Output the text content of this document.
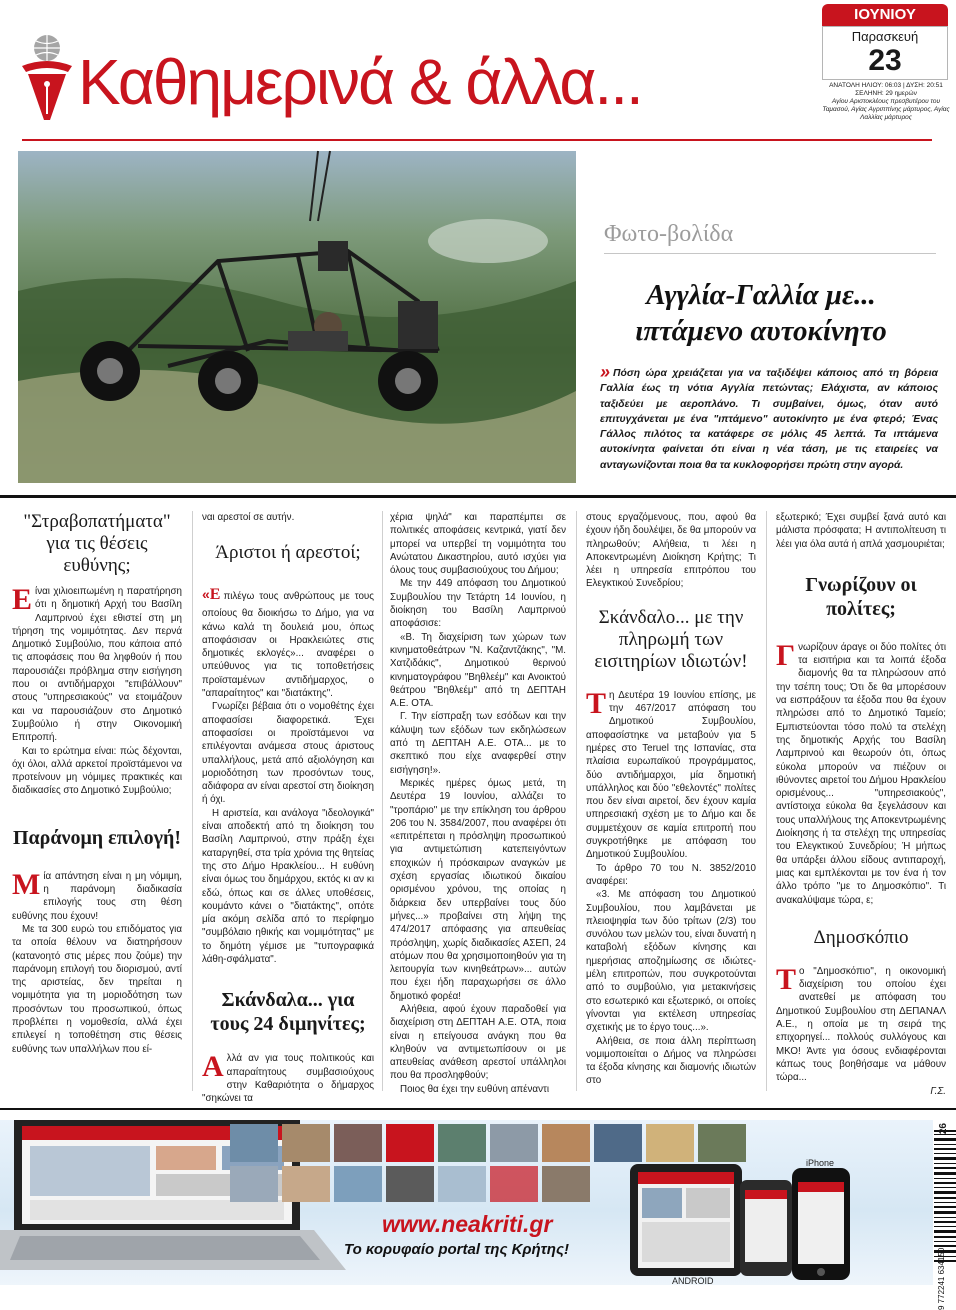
Καθημερινά & άλλα...
ΙΟΥΝΙΟΥ
Παρασκευή
23
ΑΝΑΤΟΛΗ ΗΛΙΟΥ: 06:03 | ΔΥΣΗ: 20:51
ΣΕΛΗΝΗ: 29 ημερών
Αγίου Αριστοκλέους πρεσβυτέρου του Ταμασού, Αγίας Αγριππίνης μάρτυρος, Αγίας Λαλλίας μάρτυρος
Φωτο-βολίδα
Αγγλία-Γαλλία με...
ιπτάμενο αυτοκίνητο
» Πόση ώρα χρειάζεται για να ταξιδέψει κάποιος από τη βόρεια Γαλλία έως τη νότια Αγγλία πετώντας; Ελάχιστα, αν κάποιος ταξιδεύει με αεροπλάνο. Τι συμβαίνει, όμως, όταν αυτό επιτυγχάνεται με ένα "ιπτάμενο" αυτοκίνητο με ένα φτερό; Ένας Γάλλος πιλότος τα κατάφερε σε μόλις 45 λεπτά. Τα ιπτάμενα αυτοκίνητα φαίνεται ότι είναι η νέα τάση, με τις εταιρείες να ανταγωνίζονται ποια θα τα κυκλοφορήσει πρώτη στην αγορά.
"Στραβοπατήματα" για τις θέσεις ευθύνης;

Είναι χιλιοειπωμένη η παρατήρηση ότι η δημοτική Αρχή του Βασίλη Λαμπρινού έχει εθιστεί στη μη τήρηση της νομιμότητας. Δεν περνά Δημοτικό Συμβούλιο, που κάποια από τις αποφάσεις που θα ληφθούν ή που παρουσιάζει πρόβλημα στην εισήγηση που οι αντιδήμαρχοι "επιβάλλουν" στους "υπηρεσιακούς" να ετοιμάζουν και να παρουσιάζουν στο Δημοτικό Συμβούλιο ή στην Οικονομική Επιτροπή.

Και το ερώτημα είναι: πώς δέχονται, όχι όλοι, αλλά αρκετοί προϊστάμενοι να προτείνουν μη νόμιμες πρακτικές και διαδικασίες στο Δημοτικό Συμβούλιο;

Παράνομη επιλογή!

Μία απάντηση είναι η μη νόμιμη, η παράνομη διαδικασία επιλογής τους στη θέση ευθύνης που έχουν!

Με τα 300 ευρώ του επιδόματος για τα οποία θέλουν να διατηρήσουν (κατανοητό στις μέρες που ζούμε) την παράνομη επιλογή του διορισμού, αντί της αριστείας, δεν τηρείται η νομιμότητα για τη μοριοδότηση των προσόντων του προσωπικού, όπως προβλέπει η νομοθεσία, αλλά έχει επιλεγεί η τοποθέτηση στις θέσεις ευθύνης των υπαλλήλων που εί-

ναι αρεστοί σε αυτήν.

Άριστοι ή αρεστοί;

«Ε πιλέγω τους ανθρώπους με τους οποίους θα διοικήσω το Δήμο, για να κάνω καλά τη δουλειά μου, όπως αποφάσισαν οι Ηρακλειώτες στις δημοτικές εκλογές»... αναφέρει ο υπεύθυνος για τις τοποθετήσεις προϊσταμένων αντιδήμαρχος, ο "απαραίτητος" και "διατάκτης".

Γνωρίζει βέβαια ότι ο νομοθέτης έχει αποφασίσει διαφορετικά. Έχει αποφασίσει οι προϊστάμενοι να επιλέγονται ανάμεσα στους άριστους υπαλλήλους, μετά από αξιολόγηση και μοριοδότηση των προσόντων τους, αδιάφορα αν είναι αρεστοί στη διοίκηση ή όχι.

Η αριστεία, και ανάλογα "ιδεολογικά" είναι αποδεκτή από τη διοίκηση του Βασίλη Λαμπρινού, στην πράξη έχει καταργηθεί, στα τρία χρόνια της θητείας της στο Δήμο Ηρακλείου... Η ευθύνη είναι όμως του δημάρχου, εκτός κι αν κι εδώ, όπως και σε άλλες υποθέσεις, κουμάντο κάνει ο "διατάκτης", οπότε μία ακόμη σελίδα από το περίφημο "συμβόλαιο ηθικής και νομιμότητας" με το δημότη γέμισε με "τυπογραφικά λάθη-σφάλματα".

Σκάνδαλα... για τους 24 διμηνίτες;

Αλλά αν για τους πολιτικούς και απαραίτητους συμβασιούχους στην Καθαριότητα ο δήμαρχος "σηκώνει τα

χέρια ψηλά" και παραπέμπει σε πολιτικές αποφάσεις κεντρικά, γιατί δεν μπορεί να υπερβεί τη νομιμότητα του Ανώτατου Δικαστηρίου, αυτό ισχύει για όλους τους συμβασιούχους του Δήμου;

Με την 449 απόφαση του Δημοτικού Συμβουλίου την Τετάρτη 14 Ιουνίου, η διοίκηση του Βασίλη Λαμπρινού αποφάσισε:

«Β. Τη διαχείριση των χώρων των κινηματοθεάτρων "Ν. Καζαντζάκης", "Μ. Χατζιδάκις", Δημοτικού θερινού κινηματογράφου "Βηθλεέμ" και Ανοικτού θεάτρου "Βηθλεέμ" από τη ΔΕΠΤΑΗ Α.Ε. ΟΤΑ.

Γ. Την είσπραξη των εσόδων και την κάλυψη των εξόδων των εκδηλώσεων από τη ΔΕΠΤΑΗ Α.Ε. ΟΤΑ... με το σκεπτικό που είχε αναφερθεί στην εισήγηση!».

Μερικές ημέρες όμως μετά, τη Δευτέρα 19 Ιουνίου, αλλάζει το "τροπάριο" με την επίκληση του άρθρου 206 του Ν. 3584/2007, που αναφέρει ότι «επιτρέπεται η πρόσληψη προσωπικού για αντιμετώπιση κατεπειγόντων εποχικών ή πρόσκαιρων αναγκών με σχέση εργασίας ιδιωτικού δικαίου ορισμένου χρόνου, της οποίας η διάρκεια δεν υπερβαίνει τους δύο μήνες...» προβαίνει στη λήψη της 474/2017 απόφασης για απευθείας πρόσληψη, χωρίς διαδικασίες ΑΣΕΠ, 24 ατόμων που θα χρησιμοποιηθούν για τη λειτουργία των κινηθεάτρων»... αυτών που έχει ήδη παραχωρήσει σε άλλο δημοτικό φορέα!

Αλήθεια, αφού έχουν παραδοθεί για διαχείριση στη ΔΕΠΤΑΗ Α.Ε. ΟΤΑ, ποια είναι η επείγουσα ανάγκη που θα κληθούν να αντιμετωπίσουν οι με απευθείας ανάθεση αρεστοί υπάλληλοι που θα προσληφθούν;

Ποιος θα έχει την ευθύνη απέναντι

στους εργαζόμενους, που, αφού θα έχουν ήδη δουλέψει, δε θα μπορούν να πληρωθούν; Αλήθεια, τι λέει η Αποκεντρωμένη Διοίκηση Κρήτης; Τι λέει η υπηρεσία επιτρόπου του Ελεγκτικού Συνεδρίου;

Σκάνδαλο... με την πληρωμή των εισιτηρίων ιδιωτών!

Τη Δευτέρα 19 Ιουνίου επίσης, με την 467/2017 απόφαση του Δημοτικού Συμβουλίου, αποφασίστηκε να μεταβούν για 5 ημέρες στο Teruel της Ισπανίας, στα πλαίσια ευρωπαϊκού προγράμματος, δύο αντιδήμαρχοι, μία δημοτική υπάλληλος και δύο "εθελοντές" πολίτες που δεν είναι αιρετοί, δεν έχουν καμία υπηρεσιακή σχέση με το Δήμο και δε συμμετέχουν σε καμία επιτροπή που συγκροτήθηκε με απόφαση του Δημοτικού Συμβουλίου.

Το άρθρο 70 του Ν. 3852/2010 αναφέρει:

«3. Με απόφαση του Δημοτικού Συμβουλίου, που λαμβάνεται με πλειοψηφία των δύο τρίτων (2/3) του συνόλου των μελών του, είναι δυνατή η καταβολή εξόδων κίνησης και ημερήσιας αποζημίωσης σε ιδιώτες-μέλη επιτροπών, που συγκροτούνται από το συμβούλιο, για μετακινήσεις στο εσωτερικό και εξωτερικό, οι οποίες γίνονται για εκτέλεση υπηρεσίας σχετικής με το έργο τους...».

Αλήθεια, σε ποια άλλη περίπτωση νομιμοποιείται ο Δήμος να πληρώσει τα έξοδα κίνησης και διαμονής ιδιωτών στο

εξωτερικό; Έχει συμβεί ξανά αυτό και μάλιστα πρόσφατα; Η αντιπολίτευση τι λέει για όλα αυτά ή απλά χασμουριέται;

Γνωρίζουν οι πολίτες;

Γνωρίζουν άραγε οι δύο πολίτες ότι τα εισιτήρια και τα λοιπά έξοδα διαμονής θα τα πληρώσουν από την τσέπη τους; Ότι δε θα μπορέσουν να εισπράξουν τα έξοδα που θα έχουν πληρώσει από το Δημοτικό Ταμείο; Εμπιστεύονται τόσο πολύ τα στελέχη της δημοτικής Αρχής του Βασίλη Λαμπρινού και θεωρούν ότι, όπως εύκολα μπορούν να πιέζουν οι ιθύνοντες αιρετοί του Δήμου Ηρακλείου ορισμένους... "υπηρεσιακούς", αντίστοιχα εύκολα θα ξεγελάσουν και τους υπαλλήλους της Αποκεντρωμένης Διοίκησης ή τα στελέχη της υπηρεσίας του Ελεγκτικού Συνεδρίου; Ή μήπως θα υπάρξει άλλου είδους αντιπαροχή, μιας και εμπλέκονται με τον ένα ή τον άλλο τρόπο "με το Δημοσκόπιο". Τι ανακαλύψαμε τώρα, ε;

Δημοσκόπιο

Το "Δημοσκόπιο", η οικονομική διαχείριση του οποίου έχει ανατεθεί με απόφαση του Δημοτικού Συμβουλίου στη ΔΕΠΑΝΑΛ Α.Ε., η οποία με τη σειρά της επιχορηγεί... πολλούς συλλόγους και ΜΚΟ! Άντε για όσους ενδιαφέρονται κάπως τους βοηθήσαμε να μάθουν τώρα...

Γ.Σ.

ANDROID
iPhone
www.neakriti.gr
Το κορυφαίο portal της Κρήτης!	9 772241 634150
26
